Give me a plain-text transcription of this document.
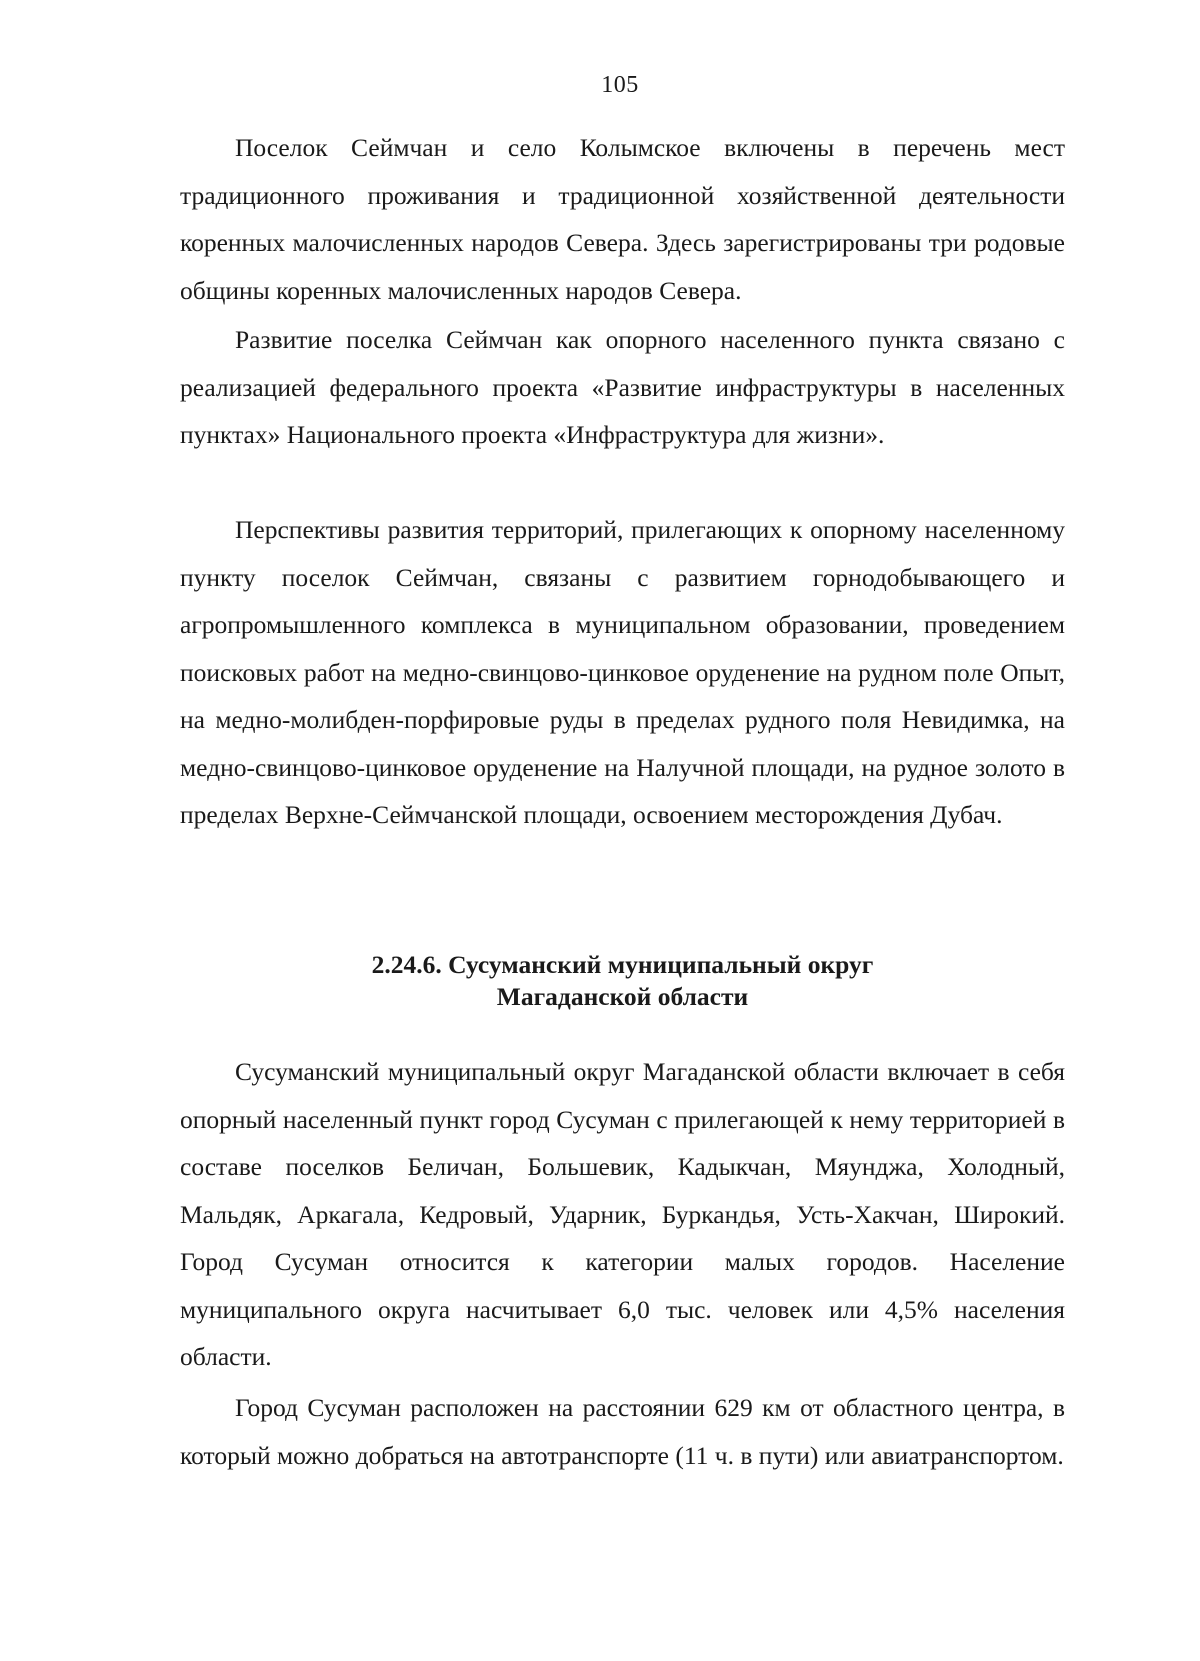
105

Поселок Сеймчан и село Колымское включены в перечень мест традиционного проживания и традиционной хозяйственной деятельности коренных малочисленных народов Севера. Здесь зарегистрированы три родовые общины коренных малочисленных народов Севера.

Развитие поселка Сеймчан как опорного населенного пункта связано с реализацией федерального проекта «Развитие инфраструктуры в населенных пунктах» Национального проекта «Инфраструктура для жизни».

Перспективы развития территорий, прилегающих к опорному населенному пункту поселок Сеймчан, связаны с развитием горнодобывающего и агропромышленного комплекса в муниципальном образовании, проведением поисковых работ на медно-свинцово-цинковое оруденение на рудном поле Опыт, на медно-молибден-порфировые руды в пределах рудного поля Невидимка, на медно-свинцово-цинковое оруденение на Налучной площади, на рудное золото в пределах Верхне-Сеймчанской площади, освоением месторождения Дубач.

2.24.6. Сусуманский муниципальный округ
Магаданской области

Сусуманский муниципальный округ Магаданской области включает в себя опорный населенный пункт город Сусуман с прилегающей к нему территорией в составе поселков Беличан, Большевик, Кадыкчан, Мяунджа, Холодный, Мальдяк, Аркагала, Кедровый, Ударник, Буркандья, Усть-Хакчан, Широкий. Город Сусуман относится к категории малых городов. Население муниципального округа насчитывает 6,0 тыс. человек или 4,5% населения области.

Город Сусуман расположен на расстоянии 629 км от областного центра, в который можно добраться на автотранспорте (11 ч. в пути) или авиатранспортом.
